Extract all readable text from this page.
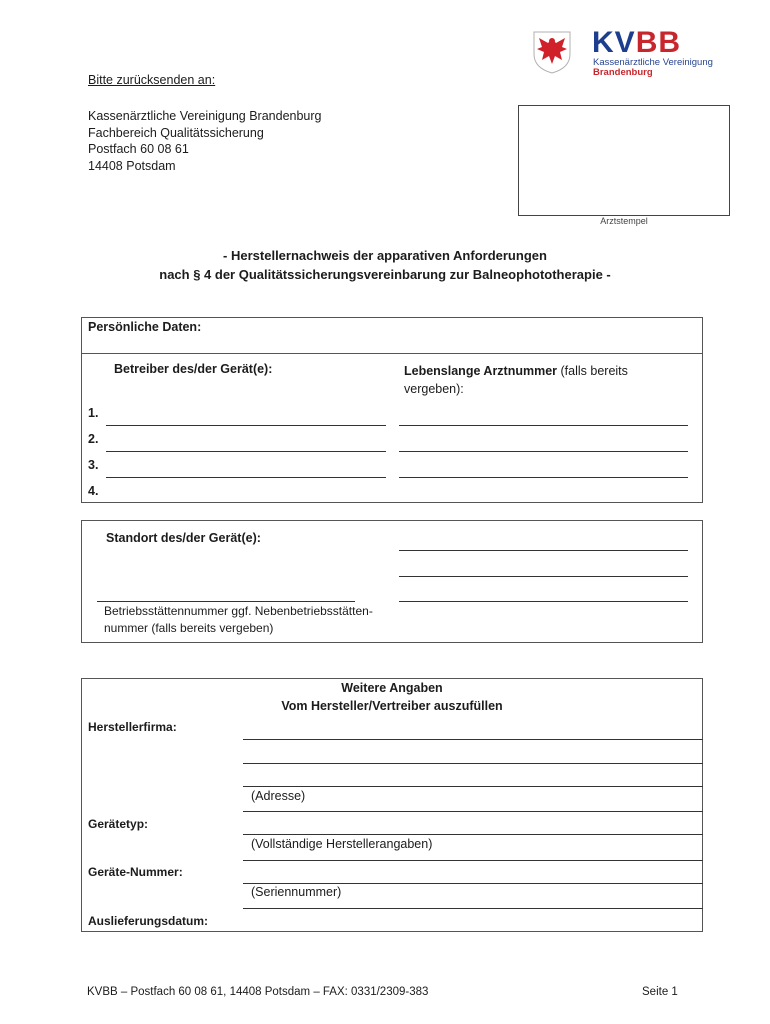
KVBB
Kassenärztliche Vereinigung
Brandenburg
Bitte zurücksenden an:
Kassenärztliche Vereinigung Brandenburg
Fachbereich Qualitätssicherung
Postfach 60 08 61
14408 Potsdam
Arztstempel
- Herstellernachweis der apparativen Anforderungen
nach § 4 der Qualitätssicherungsvereinbarung zur Balneophototherapie -
Persönliche Daten:
Betreiber des/der Gerät(e):	Lebenslange Arztnummer (falls bereits
vergeben):
1.
2.
3.
4.
Standort des/der Gerät(e):
Betriebsstättennummer ggf. Nebenbetriebsstätten-
nummer (falls bereits vergeben)
Weitere Angaben
Vom Hersteller/Vertreiber auszufüllen
Herstellerfirma:
(Adresse)
Gerätetyp:
(Vollständige Herstellerangaben)
Geräte-Nummer:
(Seriennummer)
Auslieferungsdatum:
KVBB – Postfach 60 08 61, 14408 Potsdam – FAX: 0331/2309-383	Seite 1
